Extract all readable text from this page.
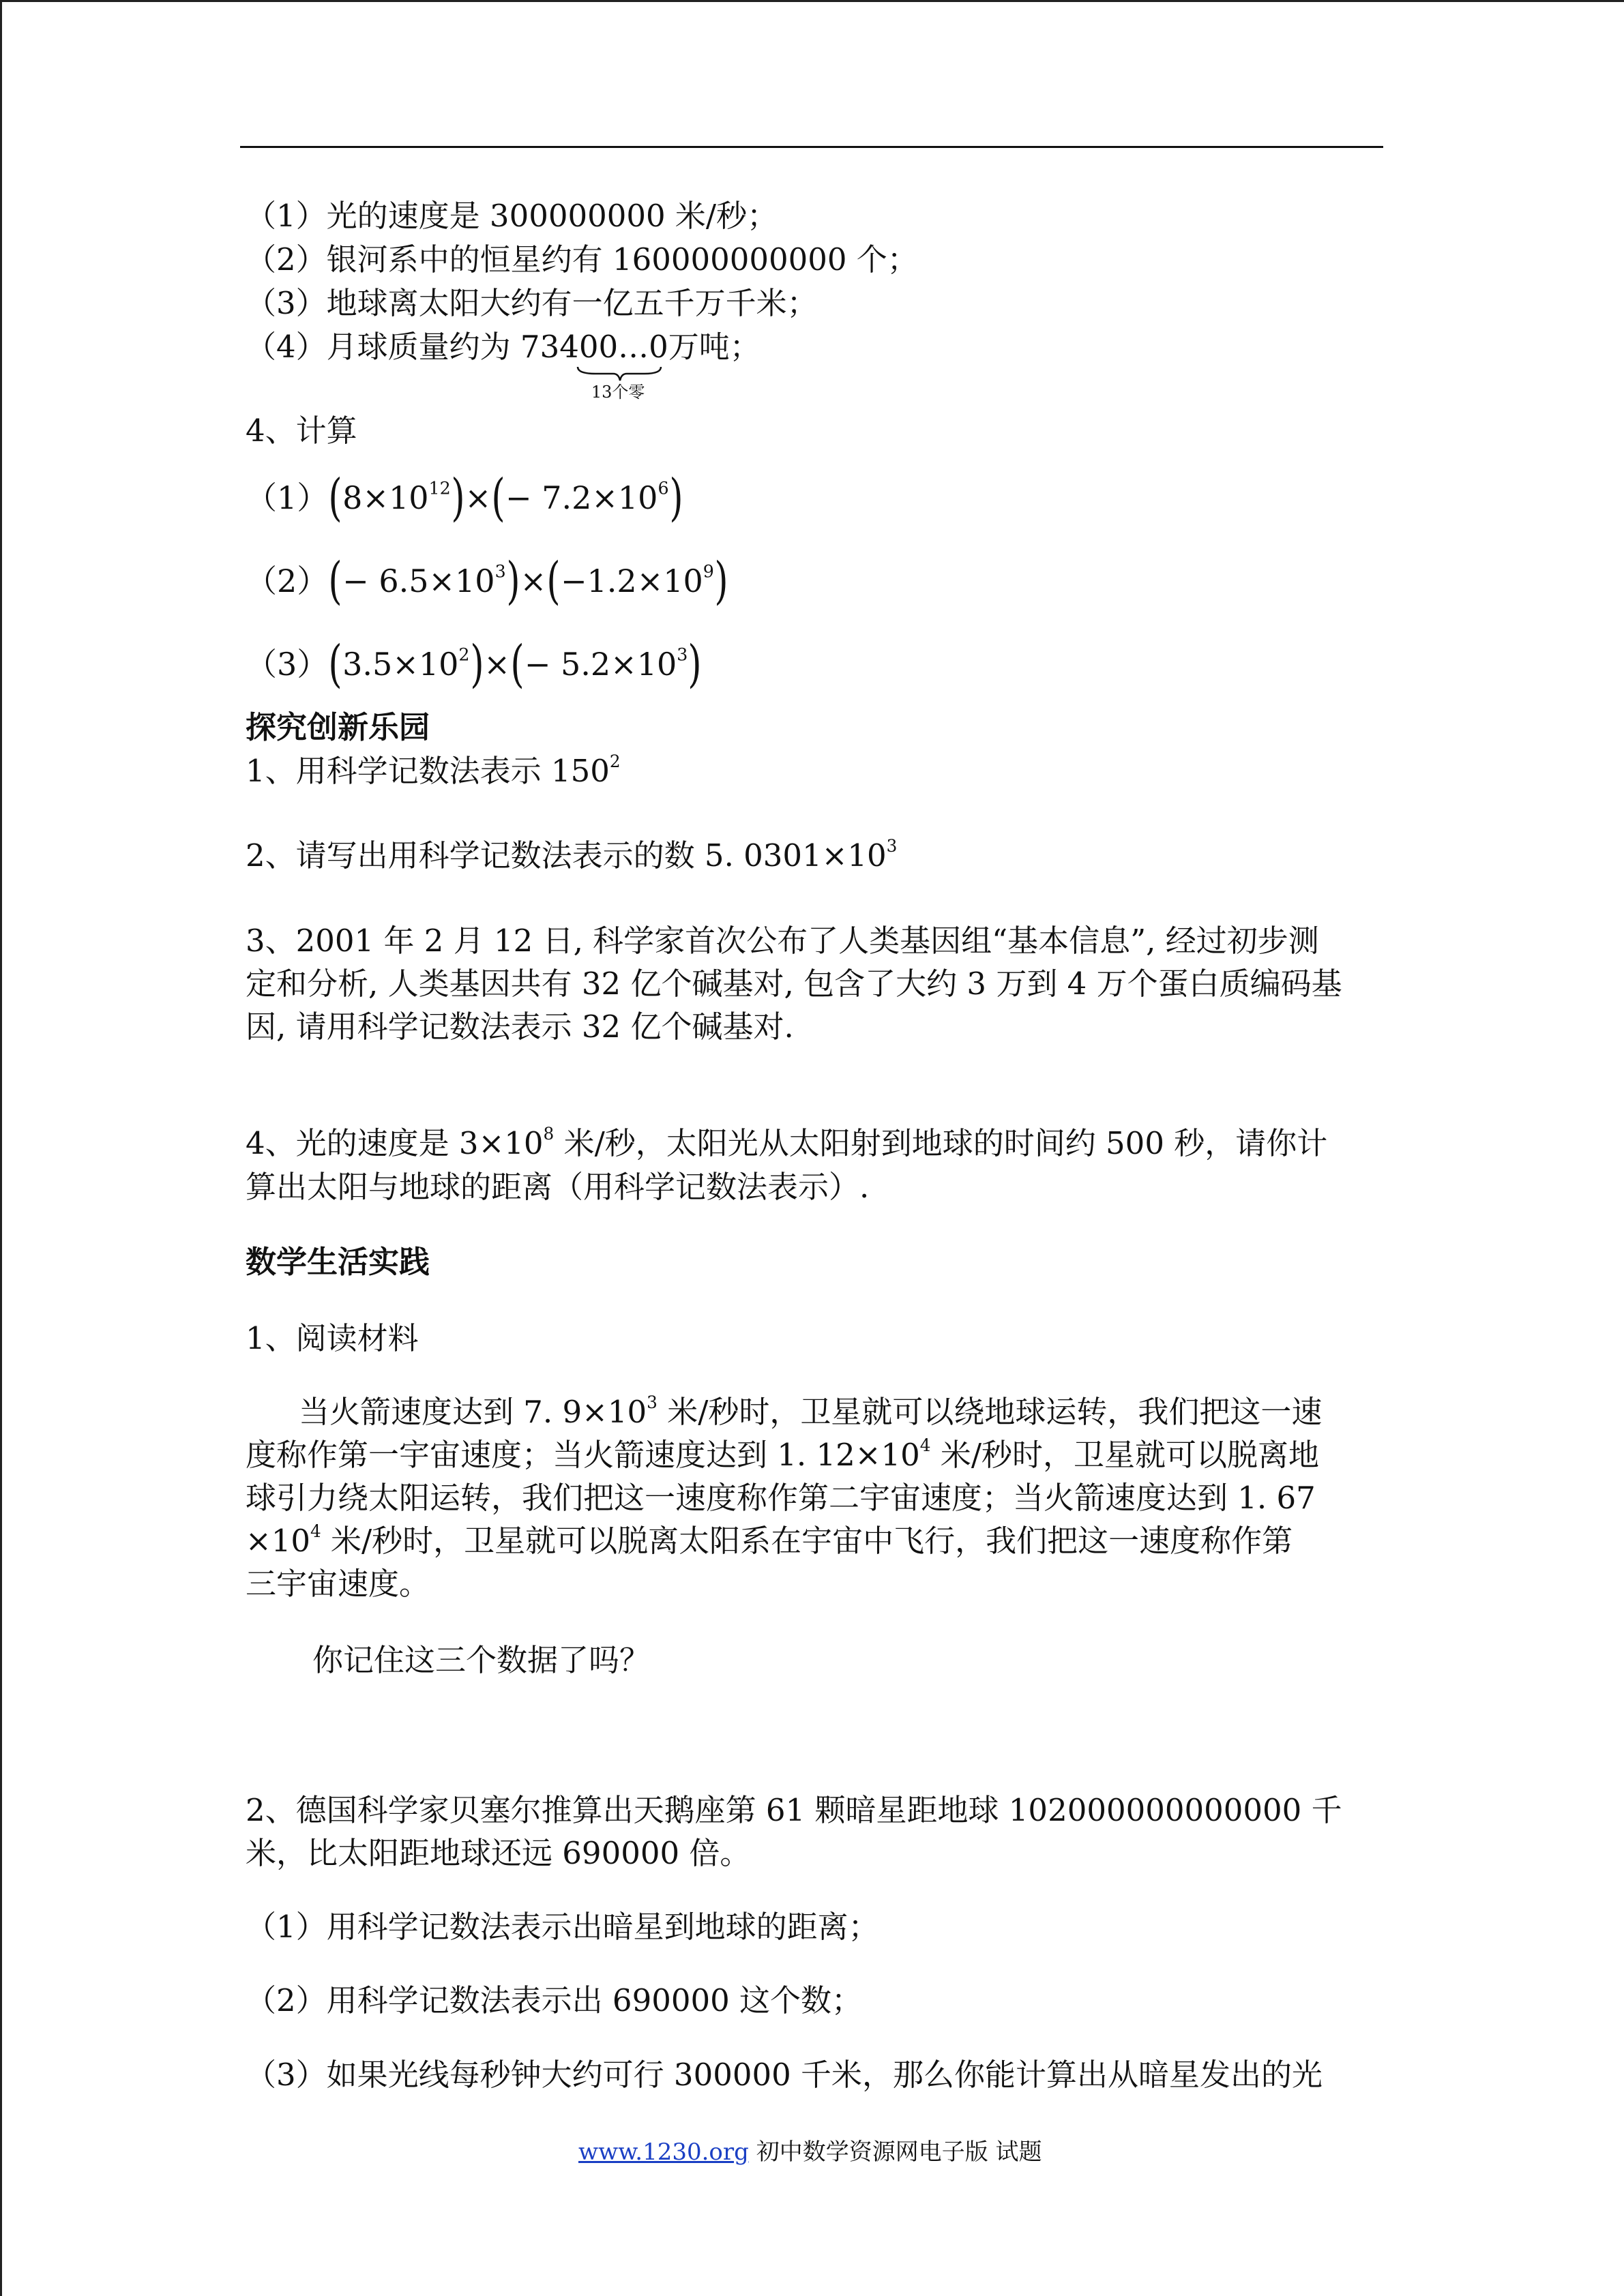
（1）光的速度是 300000000 米/秒；
（2）银河系中的恒星约有 160000000000 个；
（3）地球离太阳大约有一亿五千万千米；
（4）月球质量约为 73400…0
13个零
万吨；
4、计算
$(1)(8\times 10^{12})\times(- 7.2\times 10^6)$
$(2)(- 6.5\times 10^3)\times(-1.2\times 10^9)$
$(3)(3.5\times 10^2)\times(- 5.2\times 10^3)$
探究创新乐园
1、用科学记数法表示 $150^2$
2、请写出用科学记数法表示的数 5. $0301\times 10^3$
3、2001 年 2 月 12 日, 科学家首次公布了人类基因组“基本信息”, 经过初步测
定和分析, 人类基因共有 32 亿个碱基对, 包含了大约 3 万到 4 万个蛋白质编码基
因, 请用科学记数法表示 32 亿个碱基对.
4、光的速度是 $3\times 10^8$ 米/秒，太阳光从太阳射到地球的时间约 500 秒，请你计
算出太阳与地球的距离（用科学记数法表示）.
数学生活实践
1、阅读材料
当火箭速度达到 7. $9\times 10^3$ 米/秒时，卫星就可以绕地球运转，我们把这一速
度称作第一宇宙速度；当火箭速度达到 1. $12\times 10^4$ 米/秒时，卫星就可以脱离地
球引力绕太阳运转，我们把这一速度称作第二宇宙速度；当火箭速度达到 1. 67
$\times 10^4$ 米/秒时，卫星就可以脱离太阳系在宇宙中飞行，我们把这一速度称作第
三宇宙速度。
你记住这三个数据了吗？
2、德国科学家贝塞尔推算出天鹅座第 61 颗暗星距地球 102000000000000 千
米，比太阳距地球还远 690000 倍。
（1）用科学记数法表示出暗星到地球的距离；
（2）用科学记数法表示出 690000 这个数；
（3）如果光线每秒钟大约可行 300000 千米，那么你能计算出从暗星发出的光
www.1230.org 初中数学资源网电子版 试题
